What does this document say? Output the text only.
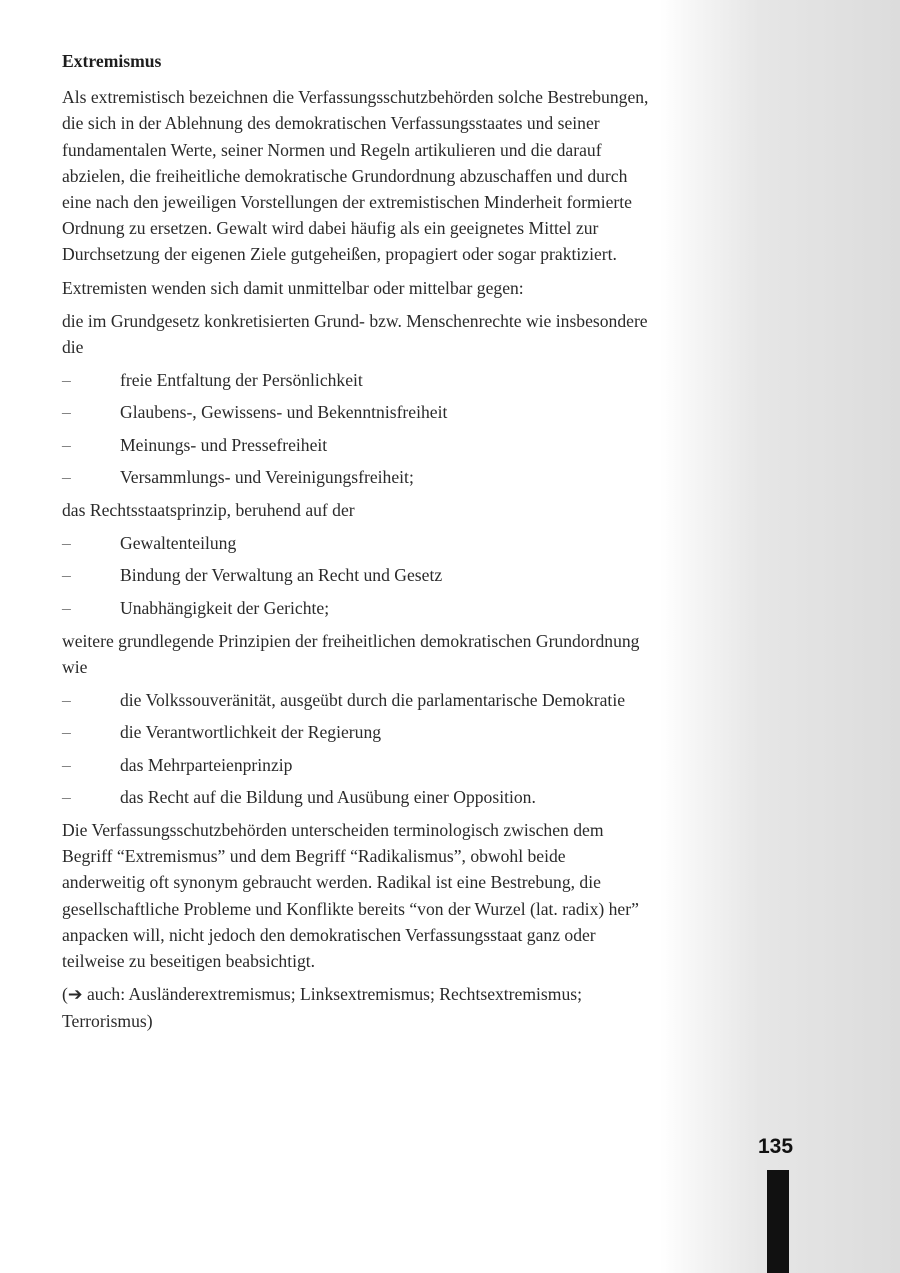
Extremismus

Als extremistisch bezeichnen die Verfassungsschutzbehörden solche Bestrebungen, die sich in der Ablehnung des demokratischen Verfassungsstaates und seiner fundamentalen Werte, seiner Normen und Regeln artikulieren und die darauf abzielen, die freiheitliche demokratische Grundordnung abzuschaffen und durch eine nach den jeweiligen Vorstellungen der extremistischen Minderheit formierte Ordnung zu ersetzen. Gewalt wird dabei häufig als ein geeignetes Mittel zur Durchsetzung der eigenen Ziele gutgeheißen, propagiert oder sogar praktiziert.

Extremisten wenden sich damit unmittelbar oder mittelbar gegen:

die im Grundgesetz konkretisierten Grund- bzw. Menschenrechte wie insbesondere die

–	freie Entfaltung der Persönlichkeit
–	Glaubens-, Gewissens- und Bekenntnisfreiheit
–	Meinungs- und Pressefreiheit
–	Versammlungs- und Vereinigungsfreiheit;

das Rechtsstaatsprinzip, beruhend auf der

–	Gewaltenteilung
–	Bindung der Verwaltung an Recht und Gesetz
–	Unabhängigkeit der Gerichte;

weitere grundlegende Prinzipien der freiheitlichen demokratischen Grundordnung wie

–	die Volkssouveränität, ausgeübt durch die parlamentarische Demokratie
–	die Verantwortlichkeit der Regierung
–	das Mehrparteienprinzip
–	das Recht auf die Bildung und Ausübung einer Opposition.

Die Verfassungsschutzbehörden unterscheiden terminologisch zwischen dem Begriff “Extremismus” und dem Begriff “Radikalismus”, obwohl beide anderweitig oft synonym gebraucht werden. Radikal ist eine Bestrebung, die gesellschaftliche Probleme und Konflikte bereits “von der Wurzel (lat. radix) her” anpacken will, nicht jedoch den demokratischen Verfassungsstaat ganz oder teilweise zu beseitigen beabsichtigt.

(➔ auch: Ausländerextremismus; Linksextremismus; Rechtsextremismus; Terrorismus)

135
